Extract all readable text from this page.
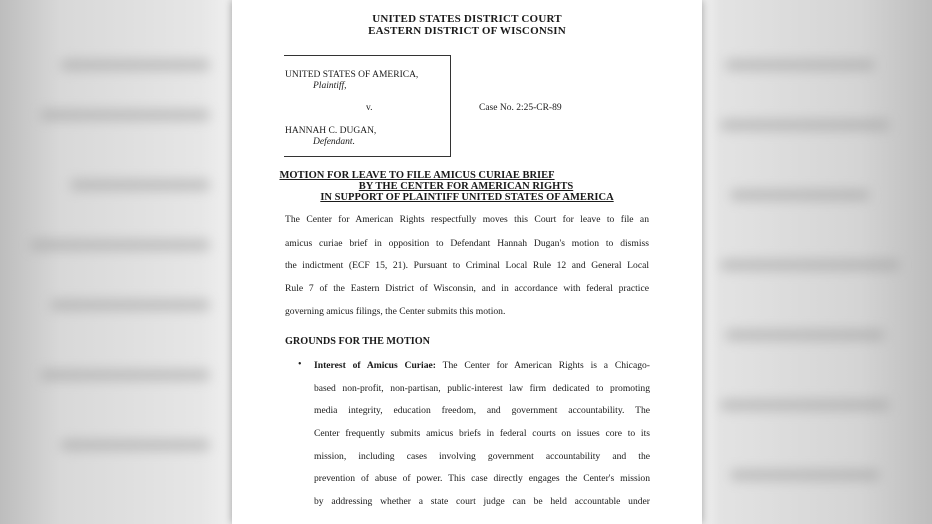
UNITED STATES DISTRICT COURT
EASTERN DISTRICT OF WISCONSIN
UNITED STATES OF AMERICA,
Plaintiff,
v.
HANNAH C. DUGAN,
Defendant.
Case No. 2:25-CR-89
MOTION FOR LEAVE TO FILE AMICUS CURIAE BRIEF
BY THE CENTER FOR AMERICAN RIGHTS
IN SUPPORT OF PLAINTIFF UNITED STATES OF AMERICA
The Center for American Rights respectfully moves this Court for leave to file an
amicus curiae brief in opposition to Defendant Hannah Dugan's motion to dismiss
the indictment (ECF 15, 21). Pursuant to Criminal Local Rule 12 and General Local
Rule 7 of the Eastern District of Wisconsin, and in accordance with federal practice
governing amicus filings, the Center submits this motion.
GROUNDS FOR THE MOTION
• Interest of Amicus Curiae: The Center for American Rights is a Chicago-
based non-profit, non-partisan, public-interest law firm dedicated to promoting
media integrity, education freedom, and government accountability. The
Center frequently submits amicus briefs in federal courts on issues core to its
mission, including cases involving government accountability and the
prevention of abuse of power. This case directly engages the Center's mission
by addressing whether a state court judge can be held accountable under
